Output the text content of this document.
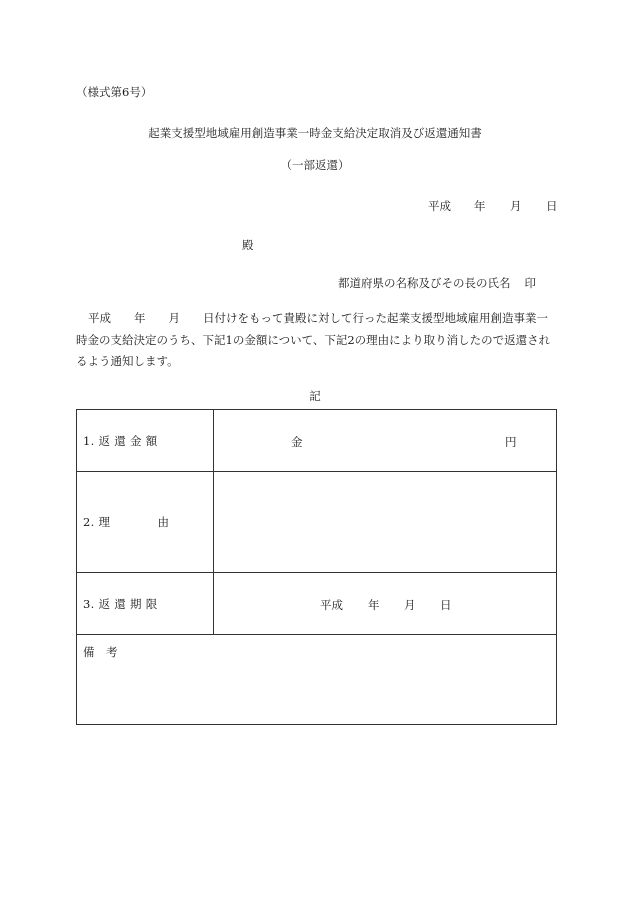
（様式第6号）
起業支援型地域雇用創造事業一時金支給決定取消及び返還通知書
（一部返還）
平成 年 月 日
殿
都道府県の名称及びその長の氏名 印
平成　　年　　月　　日付けをもって貴殿に対して行った起業支援型地域雇用創造事業一時金の支給決定のうち、下記1の金額について、下記2の理由により取り消したので返還されるよう通知します。
記
1. 返 還 金 額	金 円

2. 理　　　　由	
3. 返 還 期 限	平成 年 月 日

備　考	
